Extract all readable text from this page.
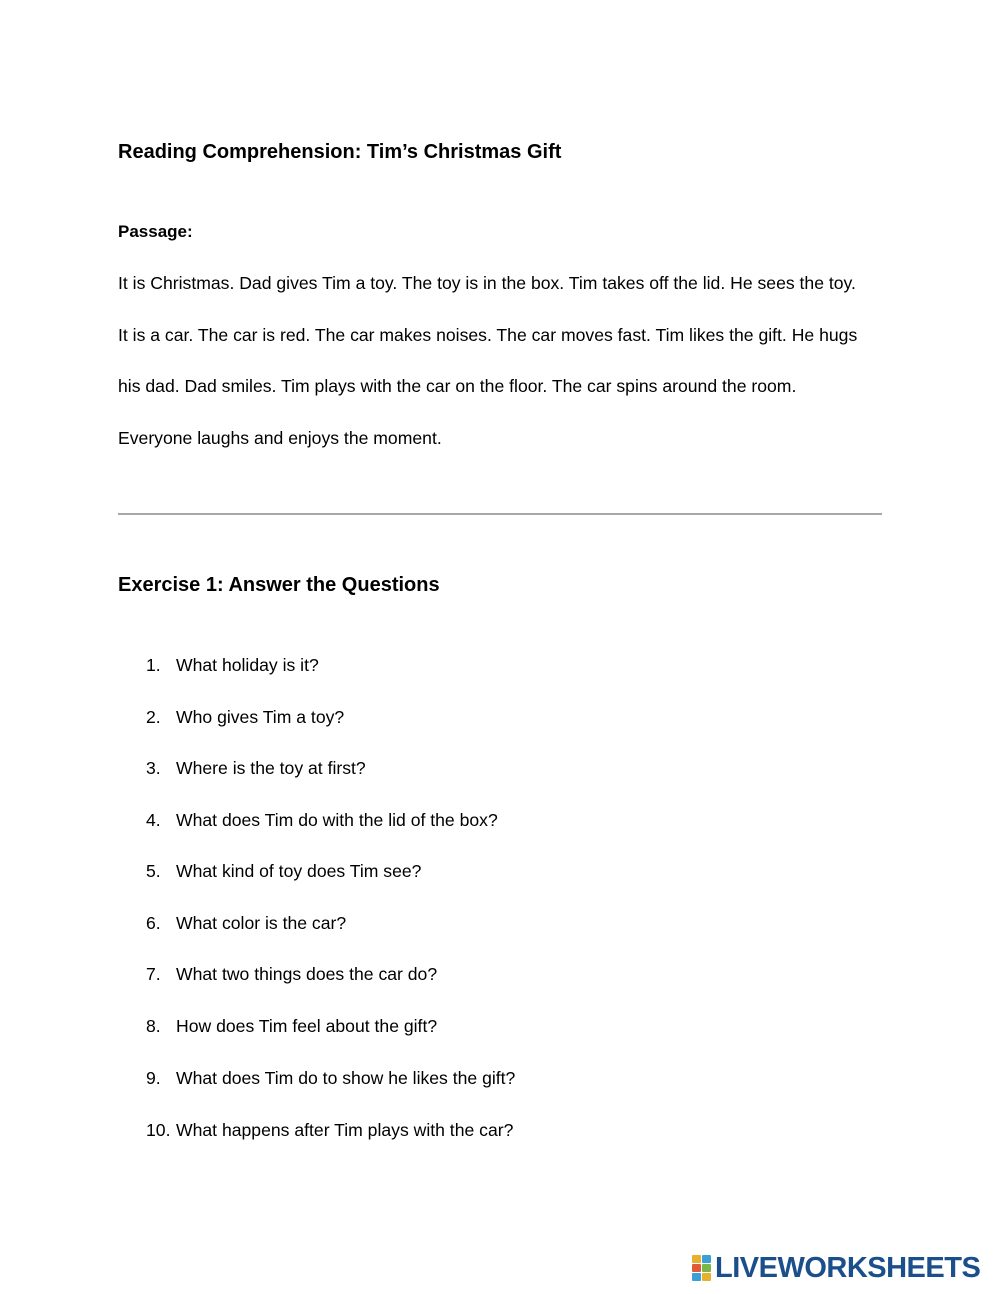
Reading Comprehension: Tim’s Christmas Gift

Passage:

It is Christmas. Dad gives Tim a toy. The toy is in the box. Tim takes off the lid. He sees the toy.

It is a car. The car is red. The car makes noises. The car moves fast. Tim likes the gift. He hugs

his dad. Dad smiles. Tim plays with the car on the floor. The car spins around the room.

Everyone laughs and enjoys the moment.

Exercise 1: Answer the Questions
1. What holiday is it?
2. Who gives Tim a toy?
3. Where is the toy at first?
4. What does Tim do with the lid of the box?
5. What kind of toy does Tim see?
6. What color is the car?
7. What two things does the car do?
8. How does Tim feel about the gift?
9. What does Tim do to show he likes the gift?
10. What happens after Tim plays with the car?
LIVEWORKSHEETS
